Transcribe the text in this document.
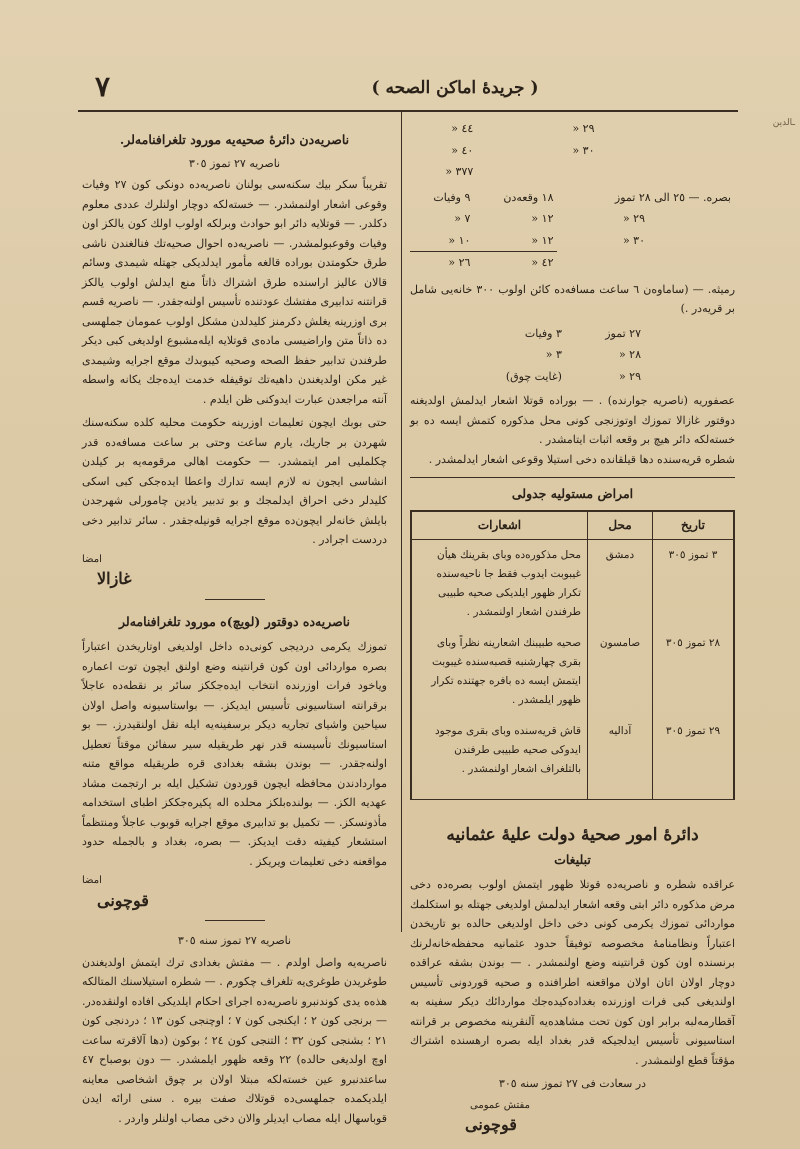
٧	( جريدهٔ اماكن الصحه )
ـالدين
	٢٩ «		٤٤ «
	٣٠ «		٤٠ «
			٣٧٧ «
بصره. — ٢٥ الی ٢٨ تموز	١٨ وقعه‌دن	٩ وفيات
٢٩ «	١٢ «	٧ «
٣٠ «	١٢ «	١٠ «
	٤٢ «	٢٦ «
رميثه. — (ساماوه‌ن ٦ ساعت مسافه‌ده كائن اولوب ٣٠٠ خانه‌یی شامل بر قريه‌در .)
٢٧ تموز	٣ وفيات
٢٨ «	٣ «
٢٩ «	(غايت چوق)
عصفوريه (ناصريه جوارنده) . — بوراده قوتلا اشعار ايدلمش اولديغنه دوقتور غازالا تموزك اوتوزنجی كونی محل مذكوره كتمش ايسه ده بو خسته‌لكه دائر هيچ بر وقعه اثبات ايتامشدر .
شطره قريه‌سنده دها قيلقانده دخی استيلا وقوعی اشعار ايدلمشدر .
امراض مستوليه جدولی
تاريخ	محل	اشعارات
٣ تموز ٣٠٥	دمشق	محل مذكوره‌ده وبای بقرينك هيأن غيبوبت ايدوب فقط جا ناحيه‌سنده تكرار ظهور ايلديکی صحيه طبيبی طرفندن اشعار اولنمشدر .
٢٨ تموز ٣٠٥	صامسون	صحيه طبيبنك اشعارينه نظراً وبای بقری چهارشنبه قصبه‌سنده غيبوبت ايتمش ايسه ده بافره جهتنده تكرار ظهور ايلمشدر .
٢٩ تموز ٣٠٥	آداليه	قاش قريه‌سنده وبای بقری موجود ايدوکی صحيه طبيبی طرفندن بالتلغراف اشعار اولنمشدر .
دائرهٔ امور صحيهٔ دولت عليهٔ عثمانيه
تبليغات
عراقده شطره و ناصريه‌ده قوتلا ظهور ايتمش اولوب بصره‌ده دخی مرض مذكوره دائر ابتی وقعه اشعار ايدلمش اولديغی جهتله بو استكلمك مواردائی تموزك يكرمی كونی دخی داخل اولديغی حالده بو تاريخدن اعتباراً ونظامنامهٔ مخصوصه توفيقاً حدود عثمانيه محفظه‌خانه‌لرنك برنسنده اون كون قرانتينه وضع اولنمشدر . — بوندن بشقه عراقده دوچار اولان اتان اولان مواقعنه اطرافنده و صحيه قوردونی تأسيس اولنديغی كبی فرات اوزرنده بغداده‌كيده‌جك مواردائك ديكر سفينه به آقطارمه‌لبه برابر اون كون تحت مشاهده‌يه آلنقرينه مخصوص بر قرانته استاسيونی تأسيس ايدلجيکه قدر بغداد ايله بصره ارهسنده اشتراك مؤقتاً قطع اولنمشدر .
در سعادت فی ٢٧ تموز سنه ٣٠٥
مفتش عمومی
قوچونی
ناصريه‌دن دائرهٔ صحيه‌یه مورود تلغرافنامه‌لر.
ناصريه ٢٧ تموز ٣٠٥
تقريباً سكر بيك سكنه‌سی بولنان ناصريه‌ده دونكی كون ٢٧ وفيات وقوعی اشعار اولنمشدر. — خسته‌لكه دوچار اولنلرك عددی معلوم دكلدر. — قوتلايه دائر ابو حوادث وبرلكه اولوب اولك كون يالكز اون وفيات وقوعبولمشدر. — ناصريه‌ده احوال صحيه‌تك فنالغندن ناشی طرق حكومتدن بوراده قالغه مأمور ايدلديكی جهتله شيمدی وسائم قالان عاليز اراسنده طرق اشتراك ذاتاً منع ايدلش اولوب يالكز قرانتنه تدابيری مفتشك عودتنده تأسيس اولنه‌جقدر. — ناصريه قسم بری اوزرينه يغلش دكرمنز كليدلدن مشكل اولوب عمومان جملهسی ده ذاتاً متن واراضيسی ماده‌ی قوتلايه ايله‌مشبوع اولديغی كبی ديكر طرفندن تدابير حفظ الصحه وصحيه كيبوبدك موقع اجرايه وشيمدی غير مكن اولديغندن داهيه‌تك توقيفله خدمت ايده‌جك يكانه واسطه آنته مراجعدن عبارت ايدوكنی ظن ايلدم .
حتی بوبك ايچون تعليمات اوزرينه حكومت محليه كلده سكنه‌سنك شهردن بر جاريك، يارم ساعت وحتی بر ساعت مسافه‌ده قدر چكلمليی امر ايتمشدر. — حكومت اهالی مرقومه‌یه بر كيلدن انشاسی ايجون نه لازم ايسه تدارك واعطا ايده‌جكی كبی اسكی كليدلر دخی احراق ايدلمجك و بو تدبير يادين چامورلی شهرجدن بايلش خانه‌لر ايچون‌ده موقع اجرايه قونيله‌جقدر . سائر تدابير دخی دردست اجرادر .
امضا
غازالا
ناصريه‌ده دوقتور (لويچ)ه مورود تلغرافنامه‌لر
تموزك يكرمی درديجی كونی‌ده داخل اولديغی اوتاريخدن اعتباراً بصره مواردائی اون كون قرانتينه وضع اولنق ايچون توت اعماره وياخود فرات اوزرنده انتخاب ايده‌جككز سائر بر نقطه‌ده عاجلاً برقرانته استاسيونی تأسيس ايديكز. — بواستاسيونه واصل اولان سياحين واشياى تجاريه ديكر برسفينه‌يه ايله نقل اولنقيدرز. — بو استاسيونك تأسيسنه قدر نهر طريقيله سير سفائن موقتاً تعطيل اولنه‌جقدر. — بوندن بشقه بغدادی قره طريقيله مواقع متنه مواردادندن محافظه ايچون قوردون تشكيل ايله بر ارتجمت مشاد عهديه الكز. — بولنده‌بلكز محلده اله پكيره‌جككز اطبای استخدامه مأذونسكز. — تكميل بو تدابيری موقع اجرايه قوبوب عاجلاً ومنتظماً استشعار كيفيته دقت ايديكز. — بصره، بغداد و بالجمله حدود مواقعنه دخی تعليمات ويريكز .
امضا
قوچونی
ناصريه ٢٧ تموز سنه ٣٠٥
ناصريه‌يه واصل اولدم . — مفتش بغدادی ترك ايتمش اولديغندن طوغريدن طوغری‌يه تلغراف چكورم . — شطره استيلاسنك المتالكه هذه‌ه يدی كوندنبرو ناصريه‌ده اجرای احكام ايلديكی افاده اولنقده‌در. — برنجی كون ٢ ؛ ايكنجی كون ٧ ؛ اوچنجی كون ١٣ ؛ دردنجی كون ٢١ ؛ بشنجی كون ٣٢ ؛ التنجی كون ٢٤ ؛ بوكون (دها آلاقرته ساعت اوچ اولديغی حالده) ٢٢ وقعه ظهور ايلمشدر. — دون بوصباح ٤٧ ساعتدنبرو عين خسته‌لكه مبتلا اولان بر چوق اشخاصی معاينه ايلديكمده جملهسی‌ده قوتلاك صفت بيره . سنی ارائه ايدن قوباسهال ايله مصاب ايديلر والان دخی مصاب اولنلر واردر .
